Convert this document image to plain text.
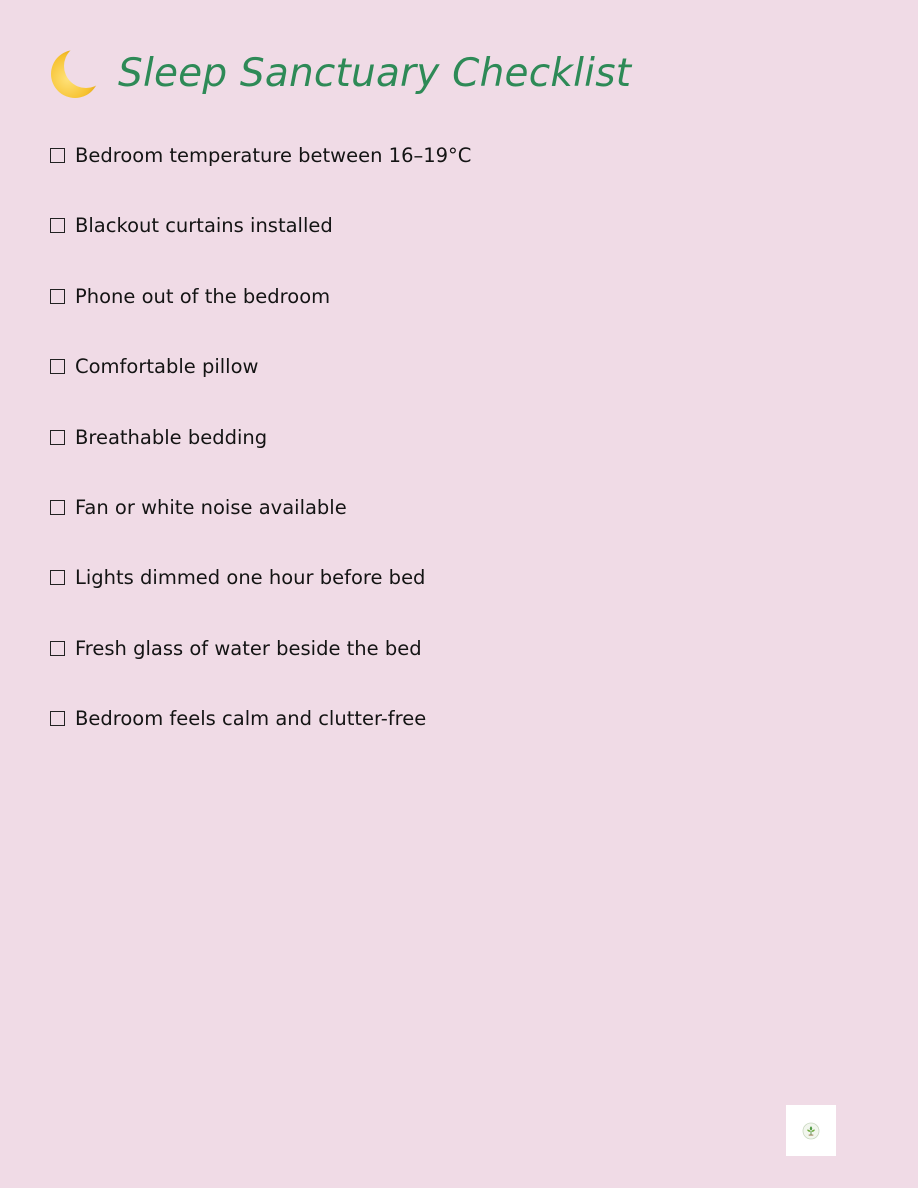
Sleep Sanctuary Checklist
Bedroom temperature between 16–19°C
Blackout curtains installed
Phone out of the bedroom
Comfortable pillow
Breathable bedding
Fan or white noise available
Lights dimmed one hour before bed
Fresh glass of water beside the bed
Bedroom feels calm and clutter-free
